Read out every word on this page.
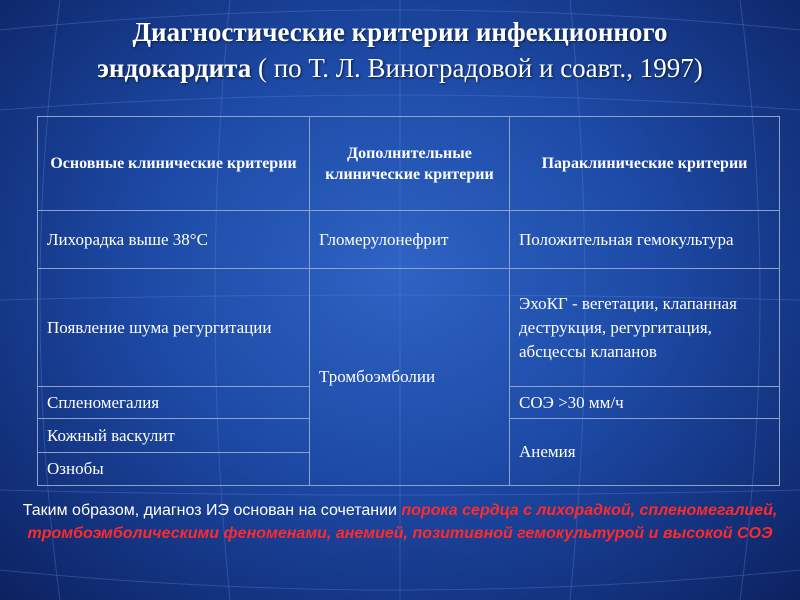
Диагностические критерии инфекционного
эндокардита ( по Т. Л. Виноградовой и соавт., 1997)
Основные клинические критерии	Дополнительные клинические критерии	Параклинические критерии
Лихорадка выше 38°С	Гломерулонефрит	Положительная гемокультура
Появление шума регургитации	Тромбоэмболии	ЭхоКГ - вегетации, клапанная деструкция, регургитация, абсцессы клапанов
Спленомегалия		СОЭ >30 мм/ч
Кожный васкулит		Анемия
Ознобы		
Таким образом, диагноз ИЭ основан на сочетании порока сердца с лихорадкой, спленомегалией, тромбоэмболическими феноменами, анемией, позитивной гемокультурой и высокой СОЭ
